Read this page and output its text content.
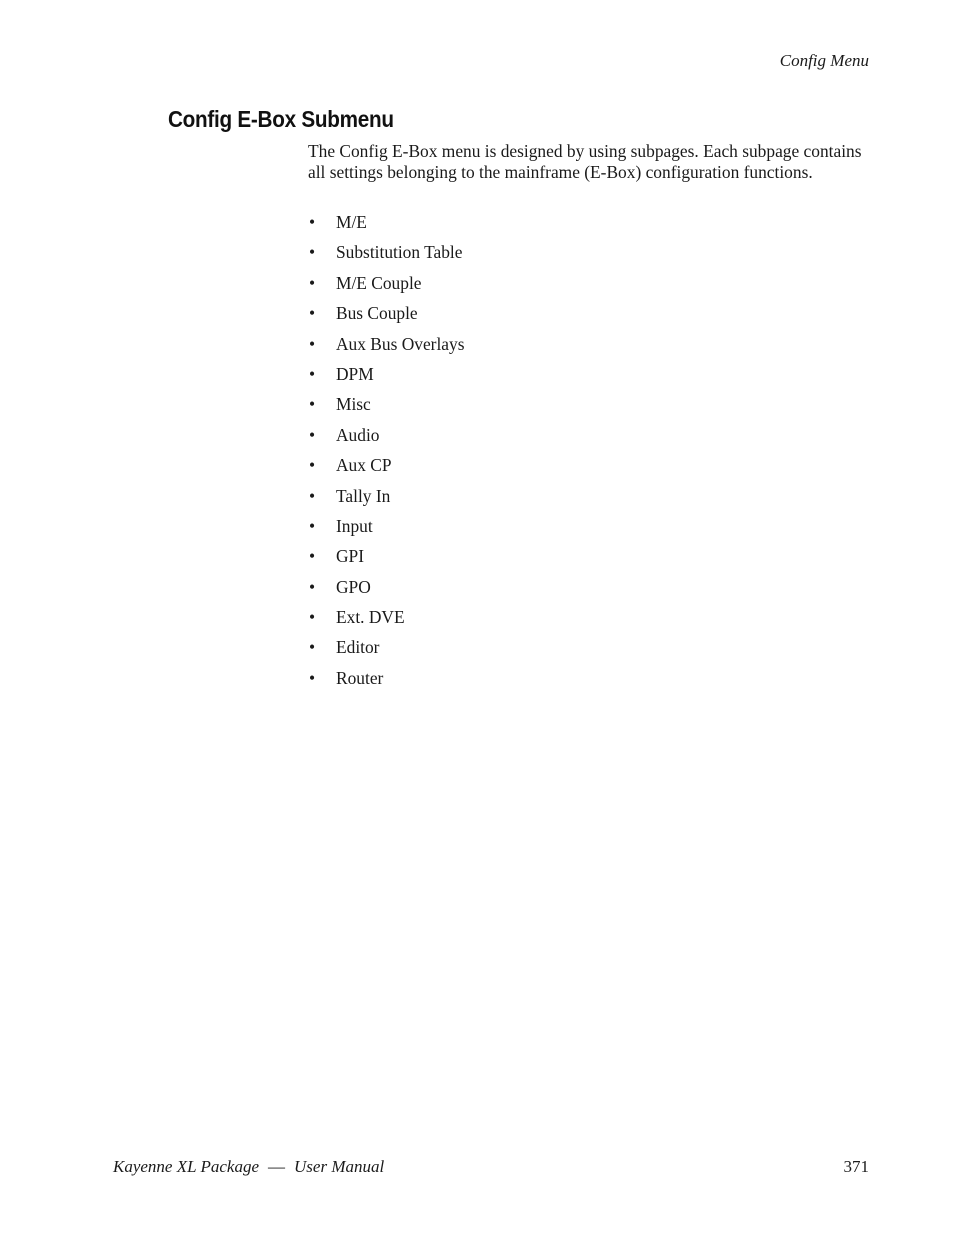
Config Menu
Config E-Box Submenu

The Config E-Box menu is designed by using subpages. Each subpage contains all settings belonging to the mainframe (E-Box) configuration functions.

• M/E
• Substitution Table
• M/E Couple
• Bus Couple
• Aux Bus Overlays
• DPM
• Misc
• Audio
• Aux CP
• Tally In
• Input
• GPI
• GPO
• Ext. DVE
• Editor
• Router
Kayenne XL Package — User Manual	371
